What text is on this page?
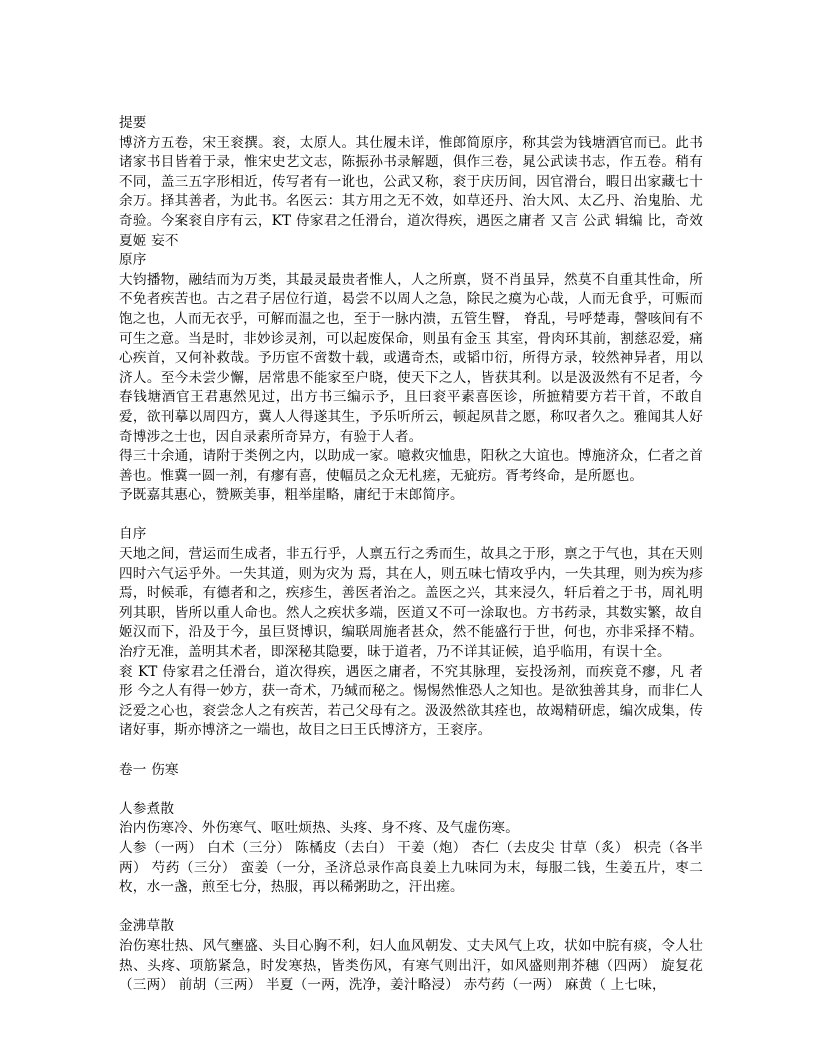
提要
博济方五卷，宋王衮撰。衮，太原人。其仕履未详，惟郎简原序，称其尝为钱塘酒官而已。此书诸家书目皆着于录，惟宋史艺文志，陈振孙书录解题，俱作三卷，晁公武读书志，作五卷。稍有不同，盖三五字形相近，传写者有一讹也，公武又称，衮于庆历间，因官滑台，暇日出家藏七十余万。择其善者，为此书。名医云：其方用之无不效，如草还丹、治大风、太乙丹、治鬼胎、尤奇验。今案衮自序有云，KT 侍家君之任滑台，道次得疾，遇医之庸者 又言 公武 辑编 比，奇效 夏姬 妄不
原序
大钧播物，融结而为万类，其最灵最贵者惟人，人之所禀，贤不肖虽异，然莫不自重其性命，所不免者疾苦也。古之君子居位行道，曷尝不以周人之急，除民之瘼为心哉，人而无食乎，可赈而饱之也，人而无衣乎，可解而温之也，至于一脉内溃，五管生瞖， 脊乱，号呼楚毒，謦咳间有不可生之意。当是时，非妙诊灵剂，可以起废保命，则虽有金玉 其室，骨肉环其前，割慈忍爱，痛心疾首，又何补救哉。予历宦不啻数十载，或遘奇杰，或韬巾衍，所得方录，较然神异者，用以济人。至今未尝少懈，居常患不能家至户晓，使天下之人，皆获其利。以是汲汲然有不足者，今春钱塘酒官王君惠然见过，出方书三编示予，且曰衮平素喜医诊，所摭精要方若干首，不敢自爱，欲刊摹以周四方，冀人人得遂其生，予乐听所云，顿起夙昔之愿，称叹者久之。雅闻其人好奇博涉之士也，因自录素所奇异方，有验于人者。
得三十余通，请附于类例之内，以助成一家。噫救灾恤患，阳秋之大谊也。博施济众，仁者之首善也。惟冀一圆一剂，有瘳有喜，使幅员之众无札瘥，无疵疠。胥考终命，是所愿也。
予既嘉其惠心，赞厥美事，粗举崖略，庸纪于末郎简序。
自序
天地之间，营运而生成者，非五行乎，人禀五行之秀而生，故具之于形，禀之于气也，其在天则四时六气运乎外。一失其道，则为灾为 焉，其在人，则五味七情攻乎内，一失其理，则为疾为疹焉，时候乖，有德者和之，疾疹生，善医者治之。盖医之兴，其来浸久，轩后着之于书，周礼明列其职，皆所以重人命也。然人之疾状多端，医道又不可一涂取也。方书药录，其数实繁，故自姬汉而下，沿及于今，虽巨贤博识，编联周施者甚众，然不能盛行于世，何也，亦非采择不精。治疗无准，盖明其术者，即深秘其隐要，昧于道者，乃不详其证候，追乎临用，有误十全。
衮 KT 侍家君之任滑台，道次得疾，遇医之庸者，不究其脉理，妄投汤剂，而疾竟不瘳，凡 者形 今之人有得一妙方，获一奇术，乃缄而秘之。惕惕然惟恐人之知也。是欲独善其身，而非仁人泛爱之心也，衮尝念人之有疾苦，若己父母有之。汲汲然欲其痊也，故竭精研虑，编次成集，传诸好事，斯亦博济之一端也，故目之曰王氏博济方，王衮序。
卷一 伤寒
人参煮散
治内伤寒冷、外伤寒气、呕吐烦热、头疼、身不疼、及气虚伤寒。
人参（一两） 白术（三分） 陈橘皮（去白） 干姜（炮） 杏仁（去皮尖 甘草（炙） 枳壳（各半两） 芍药（三分） 蛮姜（一分，圣济总录作高良姜上九味同为末，每服二钱，生姜五片，枣二枚，水一盏，煎至七分，热服，再以稀粥助之，汗出瘥。
金沸草散
治伤寒壮热、风气壅盛、头目心胸不利，妇人血风朝发、丈夫风气上攻，状如中脘有痰，令人壮热、头疼、项筋紧急，时发寒热，皆类伤风，有寒气则出汗，如风盛则荆芥穗（四两） 旋复花（三两） 前胡（三两） 半夏（一两，洗净，姜汁略浸） 赤芍药（一两） 麻黄（ 上七味，
